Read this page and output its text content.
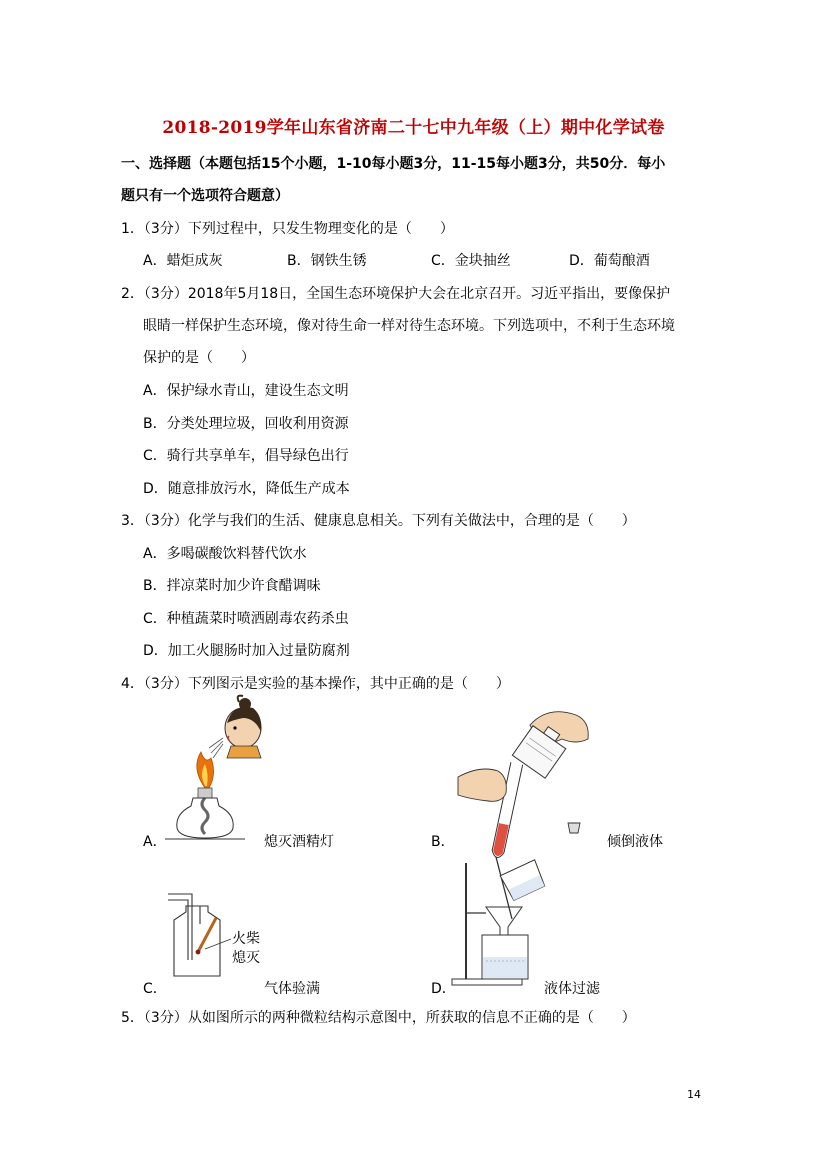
2018-2019学年山东省济南二十七中九年级（上）期中化学试卷
一、选择题（本题包括15个小题，1-10每小题3分，11-15每小题3分，共50分．每小
题只有一个选项符合题意）
1．（3分）下列过程中，只发生物理变化的是（　　）
A．蜡炬成灰	B．钢铁生锈	C．金块抽丝	D．葡萄酿酒
2．（3分）2018年5月18日，全国生态环境保护大会在北京召开。习近平指出，要像保护
眼睛一样保护生态环境，像对待生命一样对待生态环境。下列选项中，不利于生态环境
保护的是（　　）
A．保护绿水青山，建设生态文明
B．分类处理垃圾，回收利用资源
C．骑行共享单车，倡导绿色出行
D．随意排放污水，降低生产成本
3．（3分）化学与我们的生活、健康息息相关。下列有关做法中，合理的是（　　）
A．多喝碳酸饮料替代饮水
B．拌凉菜时加少许食醋调味
C．种植蔬菜时喷洒剧毒农药杀虫
D．加工火腿肠时加入过量防腐剂
4．（3分）下列图示是实验的基本操作，其中正确的是（　　）
A．	熄灭酒精灯	B．	倾倒液体
火柴
熄灭
C．	气体验满	D．	液体过滤
5．（3分）从如图所示的两种微粒结构示意图中，所获取的信息不正确的是（　　）
14
